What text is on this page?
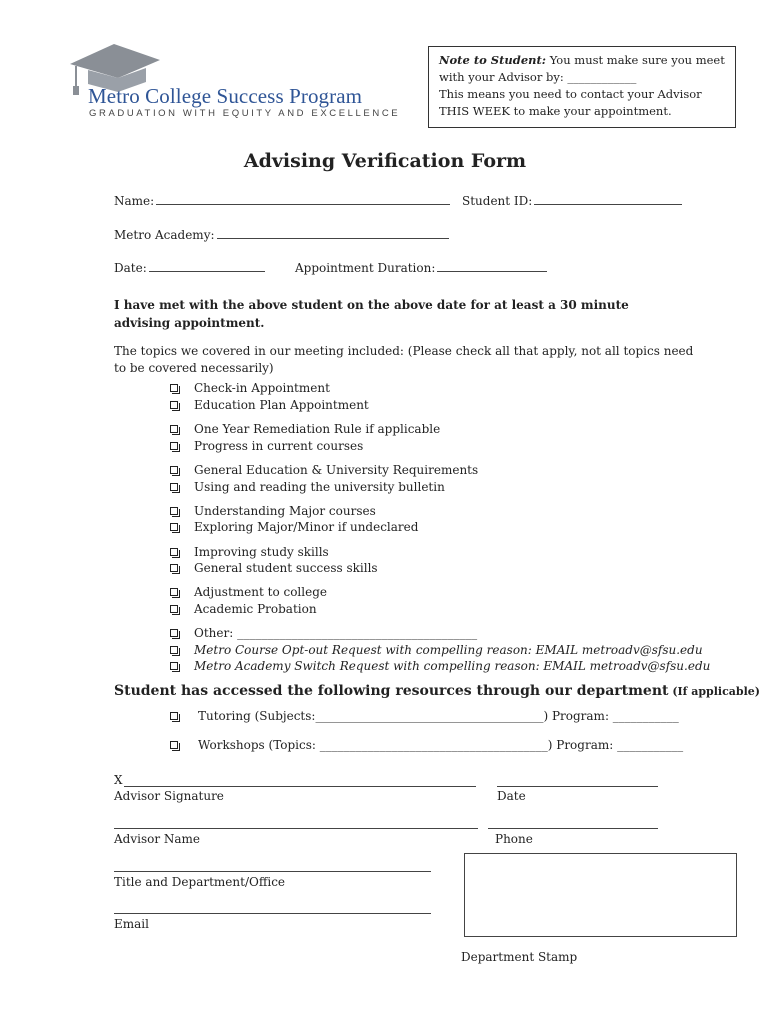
Metro College Success Program
GRADUATION WITH EQUITY AND EXCELLENCE
Note to Student: You must make sure you meet
with your Advisor by: ____________
This means you need to contact your Advisor
THIS WEEK to make your appointment.
Advising Verification Form
Name:	Student ID:
Metro Academy:
Date:	Appointment Duration:
I have met with the above student on the above date for at least a 30 minute advising appointment.
The topics we covered in our meeting included: (Please check all that apply, not all topics need to be covered necessarily)
Check-in Appointment
Education Plan Appointment
One Year Remediation Rule if applicable
Progress in current courses
General Education & University Requirements
Using and reading the university bulletin
Understanding Major courses
Exploring Major/Minor if undeclared
Improving study skills
General student success skills
Adjustment to college
Academic Probation
Other: ________________________________________
Metro Course Opt-out Request with compelling reason: EMAIL metroadv@sfsu.edu
Metro Academy Switch Request with compelling reason: EMAIL metroadv@sfsu.edu
Student has accessed the following resources through our department (If applicable)
Tutoring (Subjects:______________________________________) Program: ___________
Workshops (Topics: ______________________________________) Program: ___________
X
Advisor Signature	Date
Advisor Name	Phone
Title and Department/Office
Email
Department Stamp
